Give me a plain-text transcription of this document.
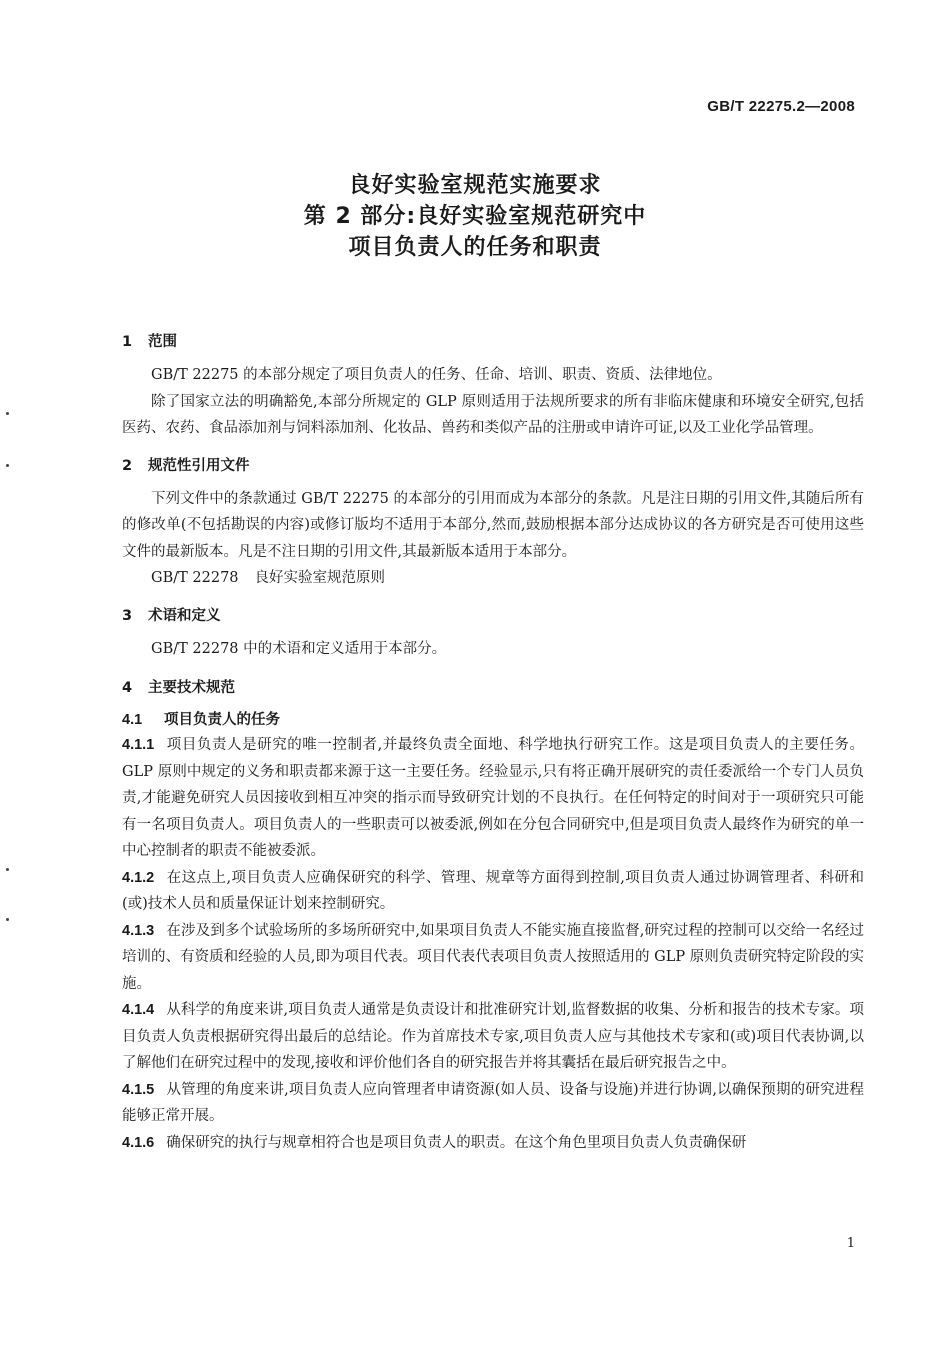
GB/T 22275.2—2008
良好实验室规范实施要求
第 2 部分:良好实验室规范研究中
项目负责人的任务和职责
1 范围

GB/T 22275 的本部分规定了项目负责人的任务、任命、培训、职责、资质、法律地位。

除了国家立法的明确豁免,本部分所规定的 GLP 原则适用于法规所要求的所有非临床健康和环境安全研究,包括医药、农药、食品添加剂与饲料添加剂、化妆品、兽药和类似产品的注册或申请许可证,以及工业化学品管理。

2 规范性引用文件

下列文件中的条款通过 GB/T 22275 的本部分的引用而成为本部分的条款。凡是注日期的引用文件,其随后所有的修改单(不包括勘误的内容)或修订版均不适用于本部分,然而,鼓励根据本部分达成协议的各方研究是否可使用这些文件的最新版本。凡是不注日期的引用文件,其最新版本适用于本部分。

GB/T 22278 良好实验室规范原则
3 术语和定义

GB/T 22278 中的术语和定义适用于本部分。

4 主要技术规范
4.1 项目负责人的任务

4.1.1 项目负责人是研究的唯一控制者,并最终负责全面地、科学地执行研究工作。这是项目负责人的主要任务。GLP 原则中规定的义务和职责都来源于这一主要任务。经验显示,只有将正确开展研究的责任委派给一个专门人员负责,才能避免研究人员因接收到相互冲突的指示而导致研究计划的不良执行。在任何特定的时间对于一项研究只可能有一名项目负责人。项目负责人的一些职责可以被委派,例如在分包合同研究中,但是项目负责人最终作为研究的单一中心控制者的职责不能被委派。

4.1.2 在这点上,项目负责人应确保研究的科学、管理、规章等方面得到控制,项目负责人通过协调管理者、科研和(或)技术人员和质量保证计划来控制研究。

4.1.3 在涉及到多个试验场所的多场所研究中,如果项目负责人不能实施直接监督,研究过程的控制可以交给一名经过培训的、有资质和经验的人员,即为项目代表。项目代表代表项目负责人按照适用的 GLP 原则负责研究特定阶段的实施。

4.1.4 从科学的角度来讲,项目负责人通常是负责设计和批准研究计划,监督数据的收集、分析和报告的技术专家。项目负责人负责根据研究得出最后的总结论。作为首席技术专家,项目负责人应与其他技术专家和(或)项目代表协调,以了解他们在研究过程中的发现,接收和评价他们各自的研究报告并将其囊括在最后研究报告之中。

4.1.5 从管理的角度来讲,项目负责人应向管理者申请资源(如人员、设备与设施)并进行协调,以确保预期的研究进程能够正常开展。

4.1.6 确保研究的执行与规章相符合也是项目负责人的职责。在这个角色里项目负责人负责确保研

1
